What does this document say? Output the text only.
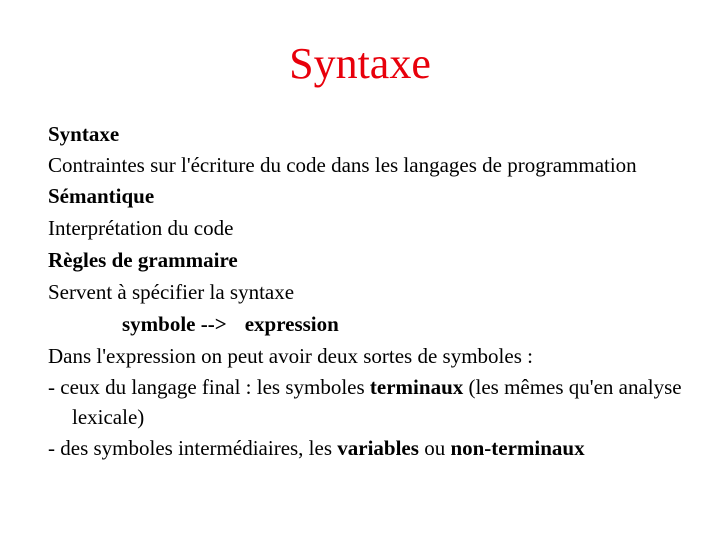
Syntaxe

Syntaxe

Contraintes sur l'écriture du code dans les langages de programmation

Sémantique

Interprétation du code

Règles de grammaire

Servent à spécifier la syntaxe

symbole --> expression

Dans l'expression on peut avoir deux sortes de symboles :

- ceux du langage final : les symboles terminaux (les mêmes qu'en analyse lexicale)

- des symboles intermédiaires, les variables ou non-terminaux
